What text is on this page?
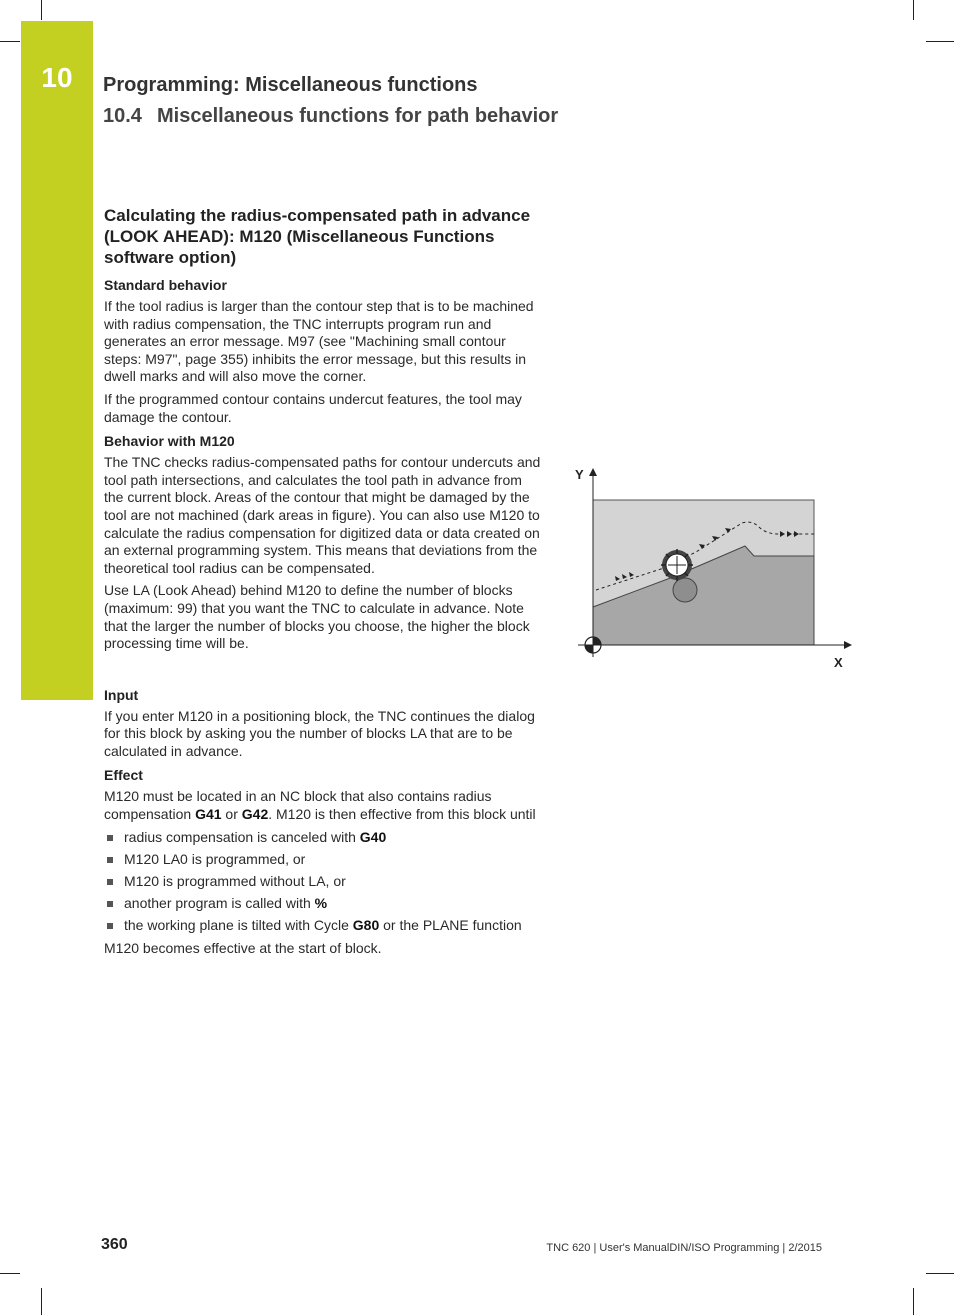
10	Programming: Miscellaneous functions
10.4 Miscellaneous functions for path behavior
Calculating the radius-compensated path in advance (LOOK AHEAD): M120 (Miscellaneous Functions software option)
Standard behavior

If the tool radius is larger than the contour step that is to be machined with radius compensation, the TNC interrupts program run and generates an error message. M97 (see "Machining small contour steps: M97", page 355) inhibits the error message, but this results in dwell marks and will also move the corner.

If the programmed contour contains undercut features, the tool may damage the contour.

Behavior with M120

The TNC checks radius-compensated paths for contour undercuts and tool path intersections, and calculates the tool path in advance from the current block. Areas of the contour that might be damaged by the tool are not machined (dark areas in figure). You can also use M120 to calculate the radius compensation for digitized data or data created on an external programming system. This means that deviations from the theoretical tool radius can be compensated.

Use LA (Look Ahead) behind M120 to define the number of blocks (maximum: 99) that you want the TNC to calculate in advance. Note that the larger the number of blocks you choose, the higher the block processing time will be.

Input

If you enter M120 in a positioning block, the TNC continues the dialog for this block by asking you the number of blocks LA that are to be calculated in advance.

Effect

M120 must be located in an NC block that also contains radius compensation G41 or G42. M120 is then effective from this block until

radius compensation is canceled with G40
M120 LA0 is programmed, or
M120 is programmed without LA, or
another program is called with %
the working plane is tilted with Cycle G80 or the PLANE function

M120 becomes effective at the start of block.

Y
X
360	TNC 620 | User's ManualDIN/ISO Programming | 2/2015
